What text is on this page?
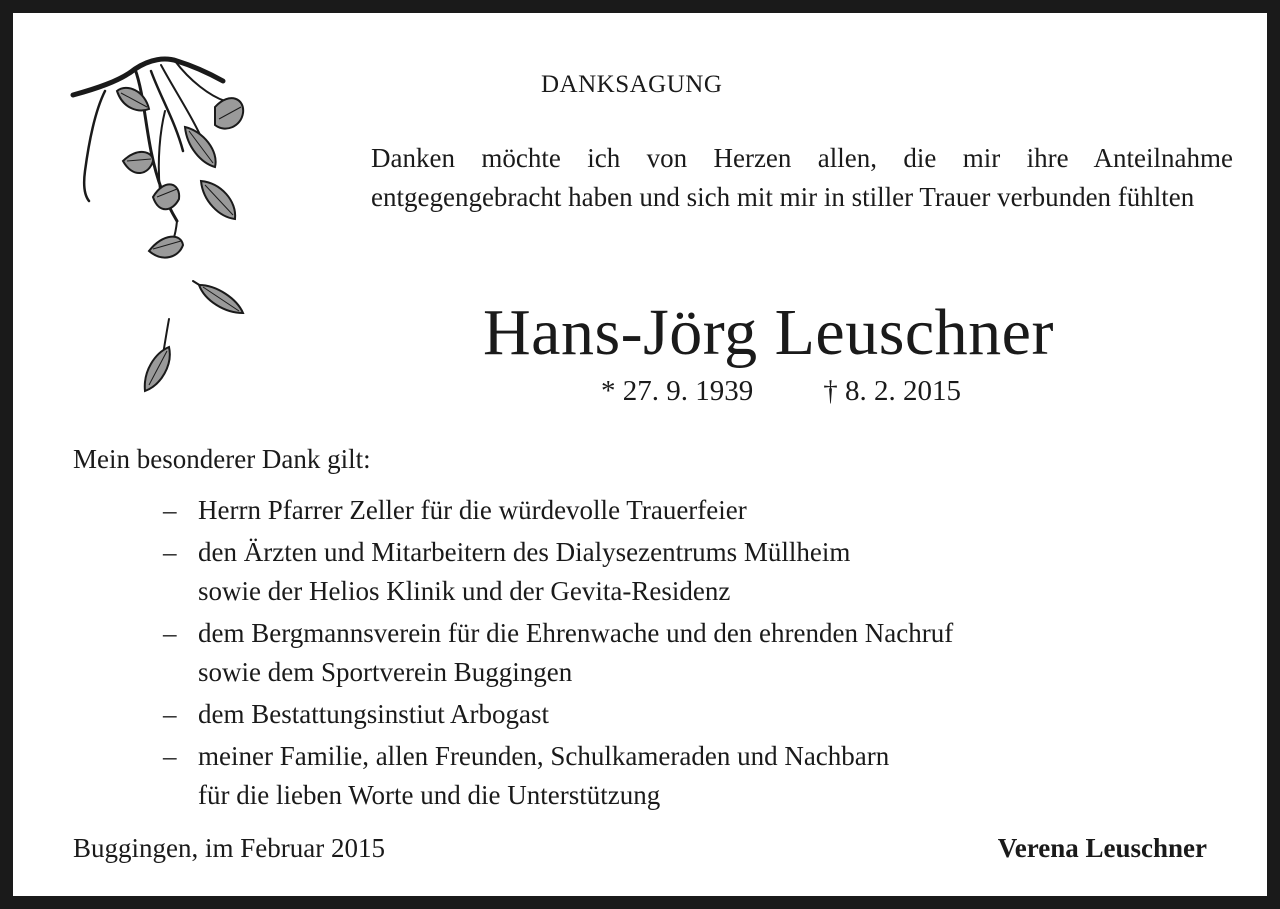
DANKSAGUNG
Danken möchte ich von Herzen allen, die mir ihre Anteilnahme entgegengebracht haben und sich mit mir in stiller Trauer verbunden fühlten
Hans-Jörg Leuschner
* 27. 9. 1939 † 8. 2. 2015
Mein besonderer Dank gilt:
– Herrn Pfarrer Zeller für die würdevolle Trauerfeier
– den Ärzten und Mitarbeitern des Dialysezentrums Müllheim
sowie der Helios Klinik und der Gevita-Residenz
– dem Bergmannsverein für die Ehrenwache und den ehrenden Nachruf
sowie dem Sportverein Buggingen
– dem Bestattungsinstiut Arbogast
– meiner Familie, allen Freunden, Schulkameraden und Nachbarn
für die lieben Worte und die Unterstützung
Buggingen, im Februar 2015	Verena Leuschner
